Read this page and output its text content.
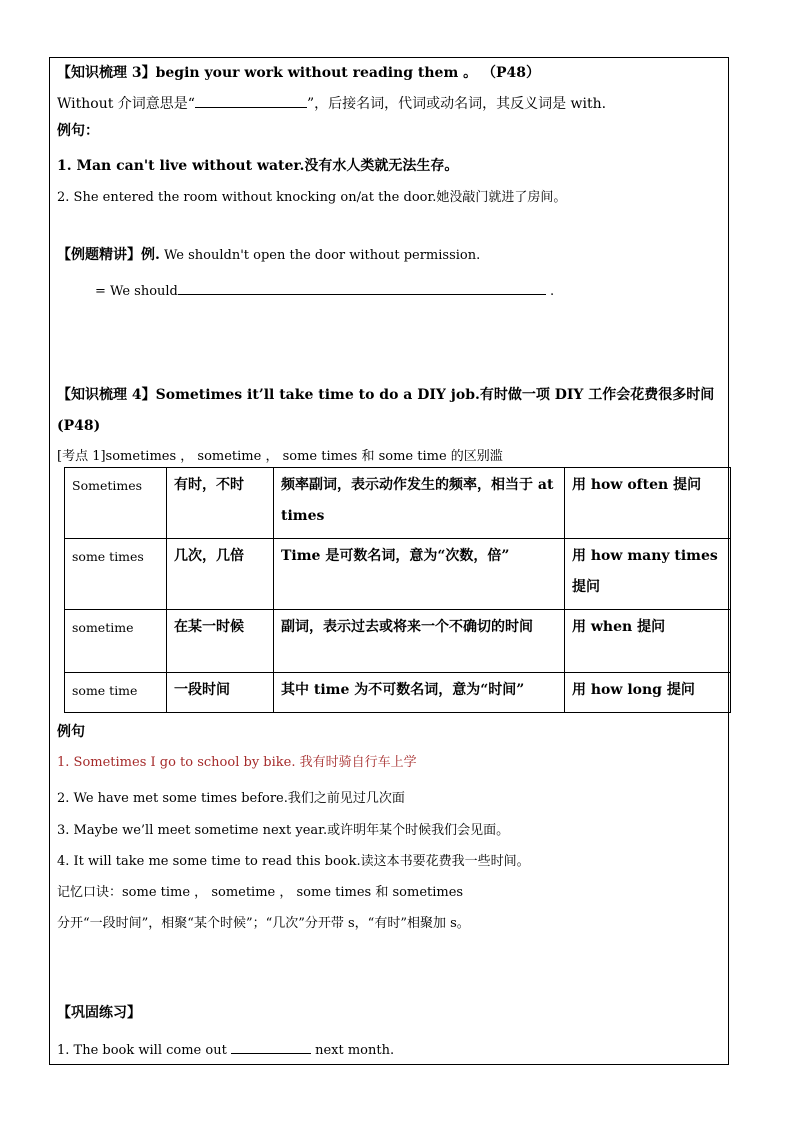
【知识梳理 3】begin your work without reading them 。 （P48）
Without 介词意思是“	”，后接名词，代词或动名词，其反义词是 with.
例句：
1. Man can't live without water.没有水人类就无法生存。
2. She entered the room without knocking on/at the door.她没敲门就进了房间。
【例题精讲】例. We shouldn't open the door without permission.
= We should	.
【知识梳理 4】Sometimes it’ll take time to do a DIY job.有时做一项 DIY 工作会花费很多时间
(P48)
[考点 1]sometimes ， sometime ， some times 和 some time 的区别滥
Sometimes	有时，不时	频率副词，表示动作发生的频率，相当于 at times	用 how often 提问
some times	几次，几倍	Time 是可数名词，意为“次数，倍”	用 how many times 提问
sometime	在某一时候	副词，表示过去或将来一个不确切的时间	用 when 提问
some time	一段时间	其中 time 为不可数名词，意为“时间”	用 how long 提问
例句
1. Sometimes I go to school by bike. 我有时骑自行车上学
2. We have met some times before.我们之前见过几次面
3. Maybe we’ll meet sometime next year.或许明年某个时候我们会见面。
4. It will take me some time to read this book.读这本书要花费我一些时间。
记忆口诀：some time ， sometime ， some times 和 sometimes
分开“一段时间”，相聚“某个时候”；“几次”分开带 s，“有时”相聚加 s。
【巩固练习】
1. The book will come out	next month.
